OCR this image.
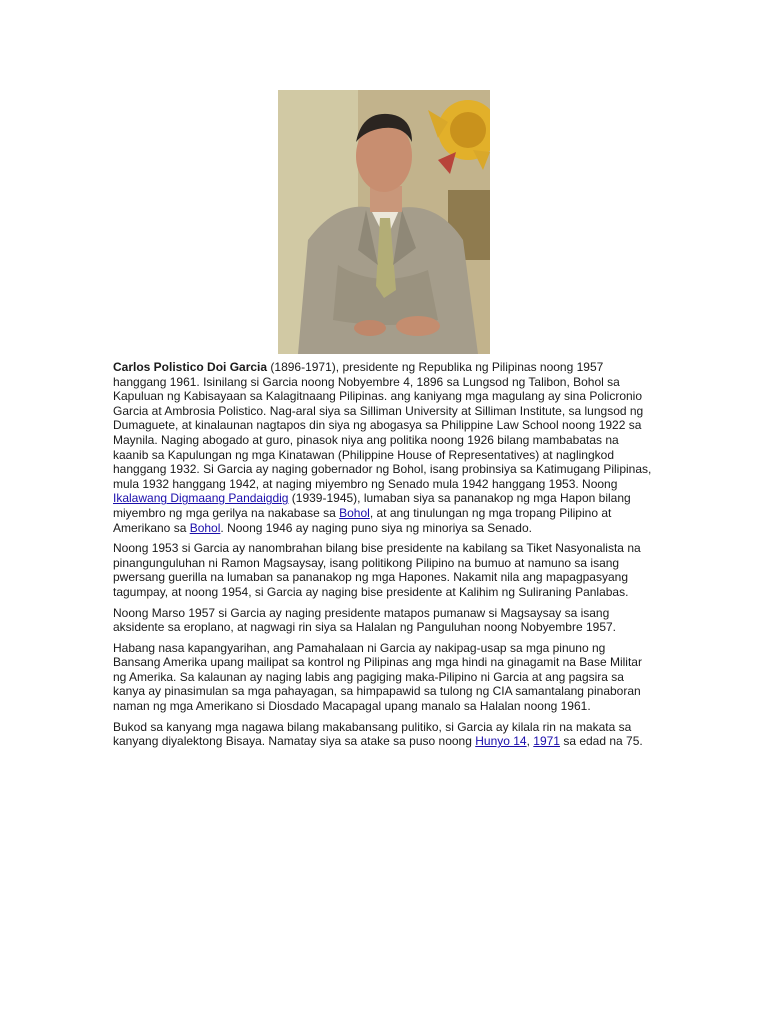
Carlos Polistico Doi Garcia (1896-1971), presidente ng Republika ng Pilipinas noong 1957 hanggang 1961. Isinilang si Garcia noong Nobyembre 4, 1896 sa Lungsod ng Talibon, Bohol sa Kapuluan ng Kabisayaan sa Kalagitnaang Pilipinas. ang kaniyang mga magulang ay sina Policronio Garcia at Ambrosia Polistico. Nag-aral siya sa Silliman University at Silliman Institute, sa lungsod ng Dumaguete, at kinalaunan nagtapos din siya ng abogasya sa Philippine Law School noong 1922 sa Maynila. Naging abogado at guro, pinasok niya ang politika noong 1926 bilang mambabatas na kaanib sa Kapulungan ng mga Kinatawan (Philippine House of Representatives) at naglingkod hanggang 1932. Si Garcia ay naging gobernador ng Bohol, isang probinsiya sa Katimugang Pilipinas, mula 1932 hanggang 1942, at naging miyembro ng Senado mula 1942 hanggang 1953. Noong Ikalawang Digmaang Pandaigdig (1939-1945), lumaban siya sa pananakop ng mga Hapon bilang miyembro ng mga gerilya na nakabase sa Bohol, at ang tinulungan ng mga tropang Pilipino at Amerikano sa Bohol. Noong 1946 ay naging puno siya ng minoriya sa Senado.

Noong 1953 si Garcia ay nanombrahan bilang bise presidente na kabilang sa Tiket Nasyonalista na pinangunguluhan ni Ramon Magsaysay, isang politikong Pilipino na bumuo at namuno sa isang pwersang guerilla na lumaban sa pananakop ng mga Hapones. Nakamit nila ang mapagpasyang tagumpay, at noong 1954, si Garcia ay naging bise presidente at Kalihim ng Suliraning Panlabas.

Noong Marso 1957 si Garcia ay naging presidente matapos pumanaw si Magsaysay sa isang aksidente sa eroplano, at nagwagi rin siya sa Halalan ng Panguluhan noong Nobyembre 1957.

Habang nasa kapangyarihan, ang Pamahalaan ni Garcia ay nakipag-usap sa mga pinuno ng Bansang Amerika upang mailipat sa kontrol ng Pilipinas ang mga hindi na ginagamit na Base Militar ng Amerika. Sa kalaunan ay naging labis ang pagiging maka-Pilipino ni Garcia at ang pagsira sa kanya ay pinasimulan sa mga pahayagan, sa himpapawid sa tulong ng CIA samantalang pinaboran naman ng mga Amerikano si Diosdado Macapagal upang manalo sa Halalan noong 1961.

Bukod sa kanyang mga nagawa bilang makabansang pulitiko, si Garcia ay kilala rin na makata sa kanyang diyalektong Bisaya. Namatay siya sa atake sa puso noong Hunyo 14, 1971 sa edad na 75.
